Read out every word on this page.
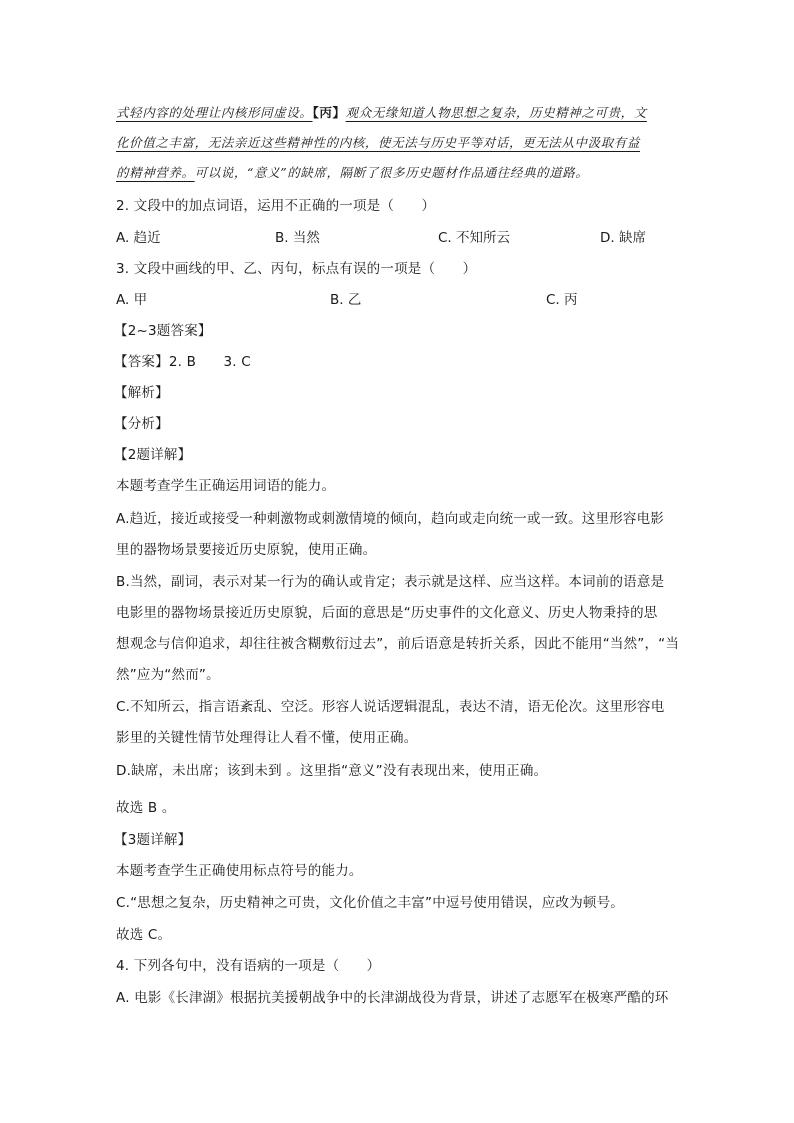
式轻内容的处理让内核形同虚设。【丙】观众无缘知道人物思想之复杂，历史精神之可贵，文
化价值之丰富，无法亲近这些精神性的内核，使无法与历史平等对话，更无法从中汲取有益
的精神营养。可以说，“意义”的缺席，隔断了很多历史题材作品通往经典的道路。
2. 文段中的加点词语，运用不正确的一项是（　　）
A. 趋近	B. 当然	C. 不知所云	D. 缺席
3. 文段中画线的甲、乙、丙句，标点有误的一项是（　　）
A. 甲	B. 乙	C. 丙
【2~3题答案】
【答案】2. B　　3. C
【解析】
【分析】
【2题详解】
本题考查学生正确运用词语的能力。
A.趋近，接近或接受一种刺激物或刺激情境的倾向，趋向或走向统一或一致。这里形容电影
里的器物场景要接近历史原貌，使用正确。
B.当然，副词，表示对某一行为的确认或肯定；表示就是这样、应当这样。本词前的语意是
电影里的器物场景接近历史原貌，后面的意思是“历史事件的文化意义、历史人物秉持的思
想观念与信仰追求，却往往被含糊敷衍过去”，前后语意是转折关系，因此不能用“当然”，“当
然”应为“然而”。
C.不知所云，指言语紊乱、空泛。形容人说话逻辑混乱，表达不清，语无伦次。这里形容电
影里的关键性情节处理得让人看不懂，使用正确。
D.缺席，未出席；该到未到 。这里指“意义”没有表现出来，使用正确。
故选 B 。
【3题详解】
本题考查学生正确使用标点符号的能力。
C.“思想之复杂，历史精神之可贵，文化价值之丰富”中逗号使用错误，应改为顿号。
故选 C。
4. 下列各句中，没有语病的一项是（　　）
A. 电影《长津湖》根据抗美援朝战争中的长津湖战役为背景，讲述了志愿军在极寒严酷的环
